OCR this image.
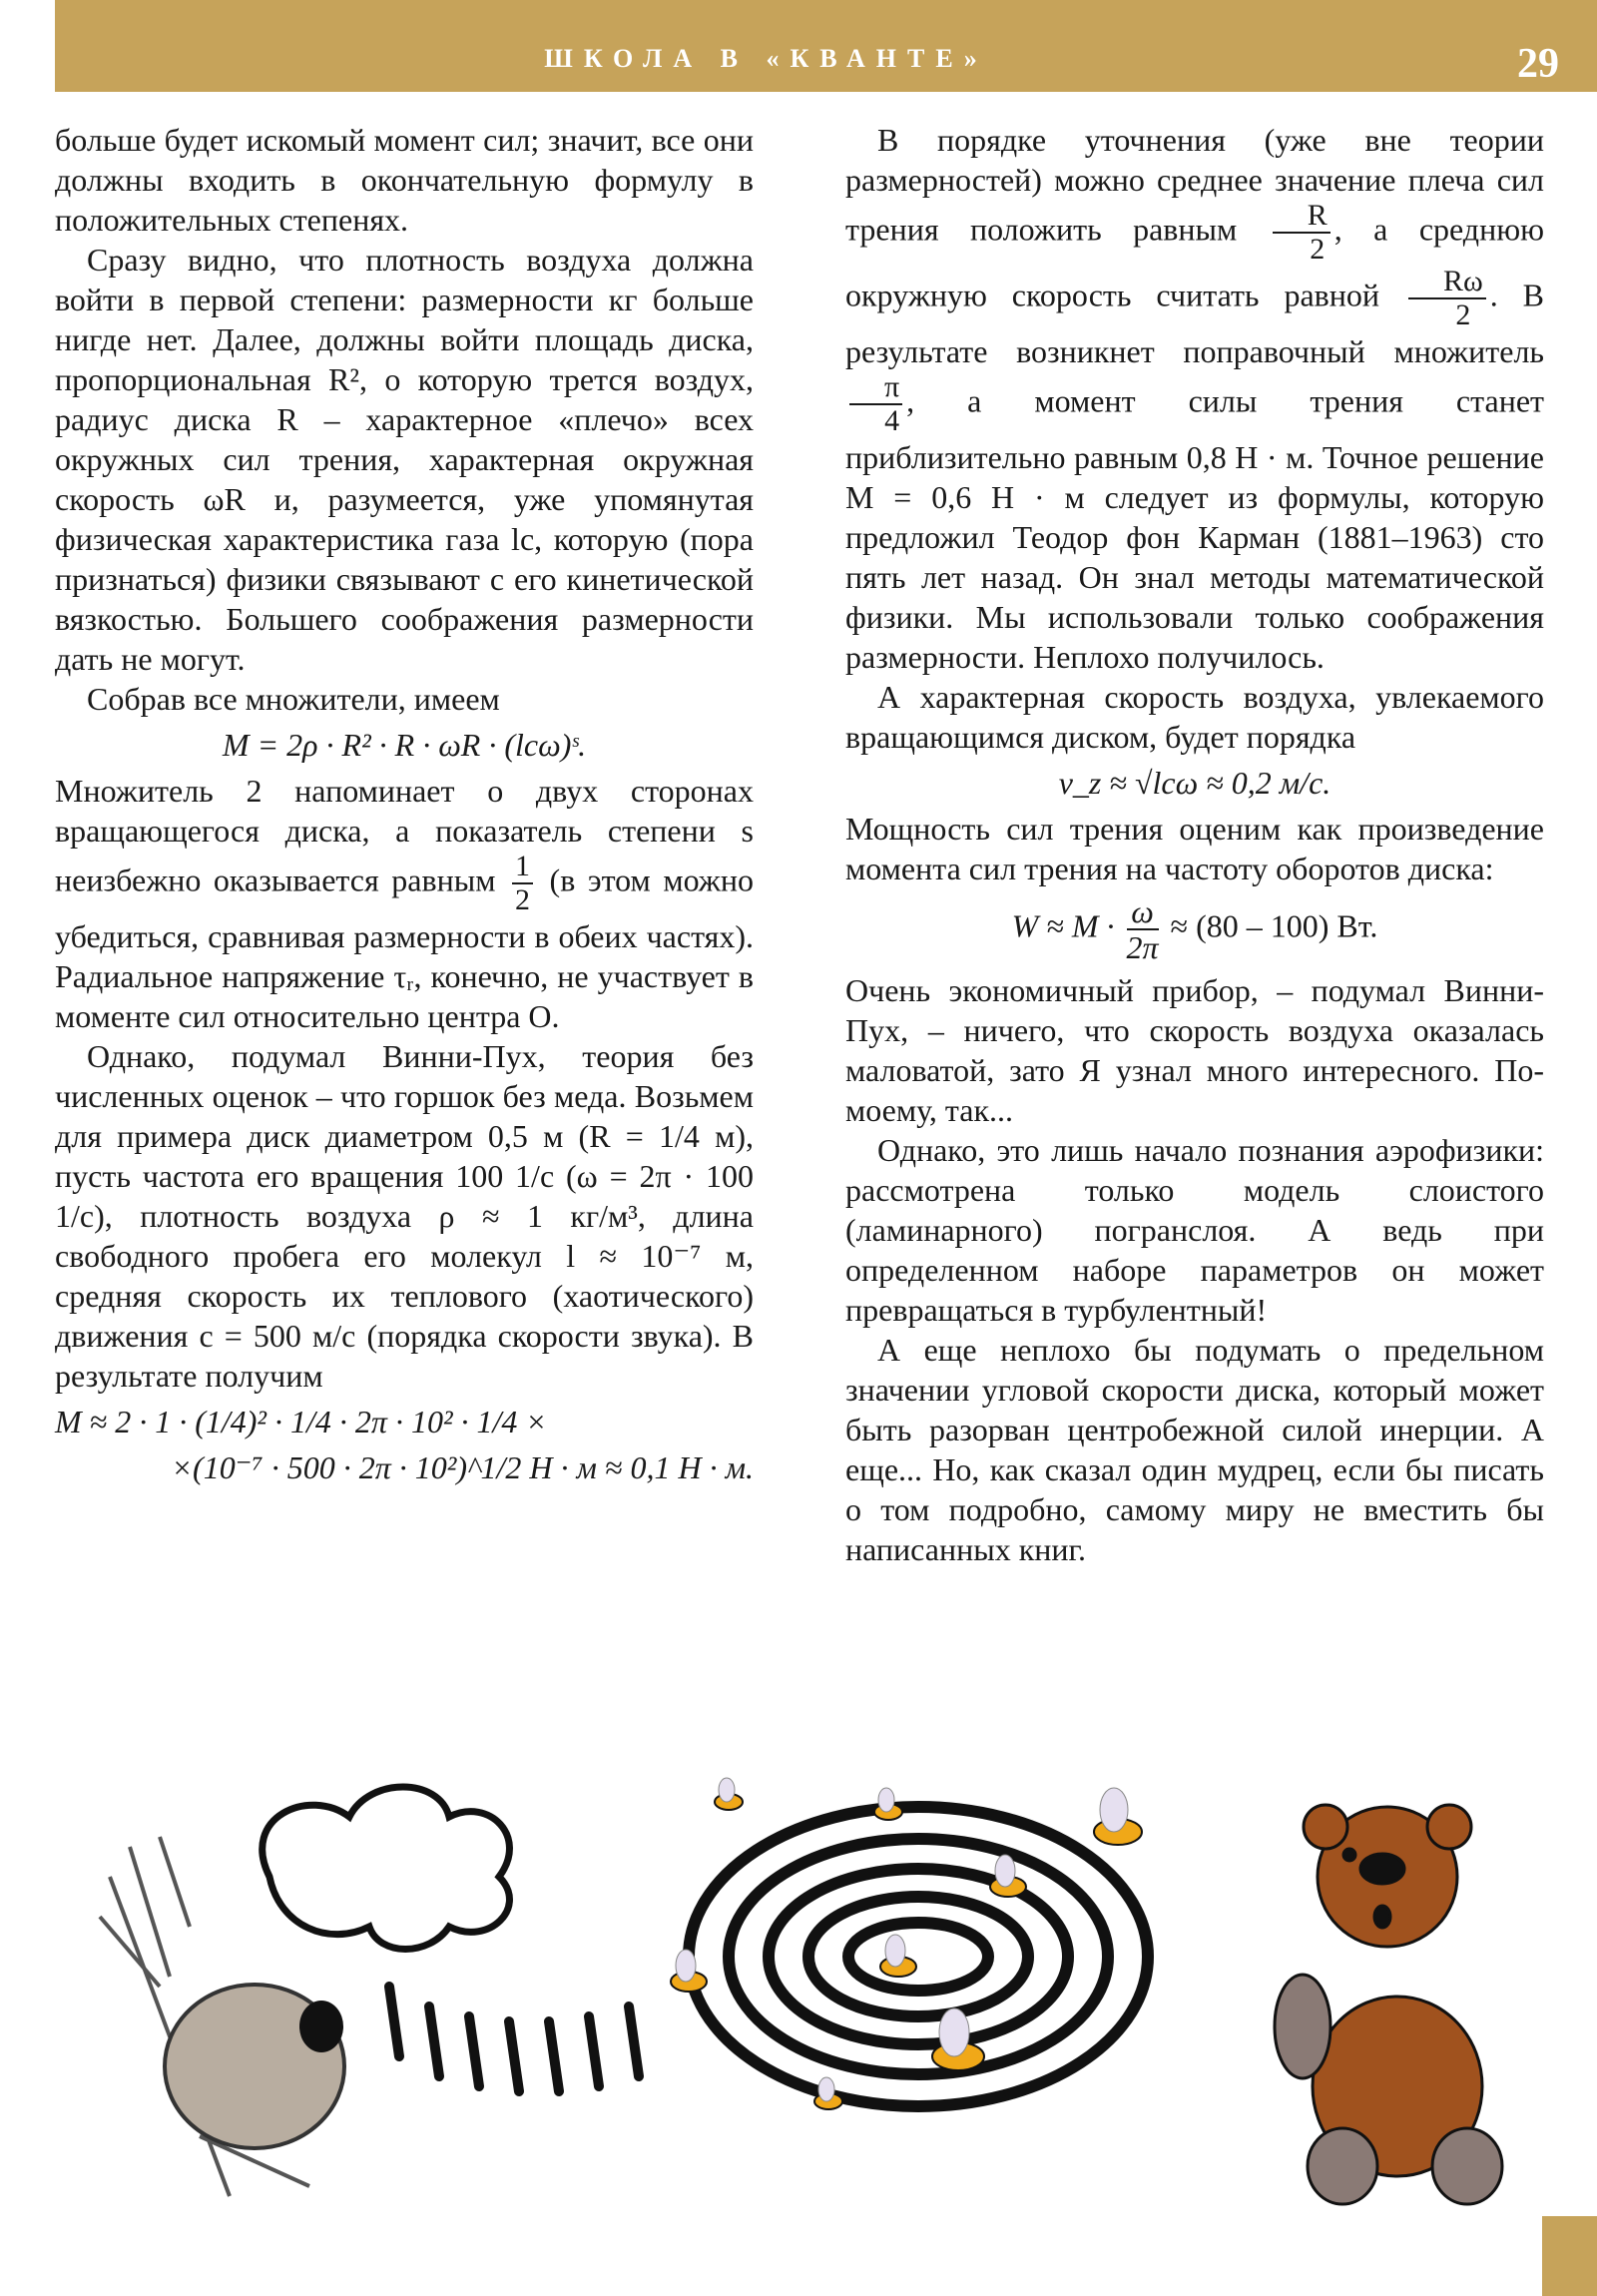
ШКОЛА В «КВАНТЕ»	29

больше будет искомый момент сил; значит, все они должны входить в окончательную формулу в положительных степенях.

Сразу видно, что плотность воздуха должна войти в первой степени: размерности кг больше нигде нет. Далее, должны войти площадь диска, пропорциональная R², о которую трется воздух, радиус диска R – характерное «плечо» всех окружных сил трения, характерная окружная скорость ωR и, разумеется, уже упомянутая физическая характеристика газа lc, которую (пора признаться) физики связывают с его кинетической вязкостью. Большего соображения размерности дать не могут.

Собрав все множители, имеем

M = 2ρ · R² · R · ωR · (lcω)ˢ.

Множитель 2 напоминает о двух сторонах вращающегося диска, а показатель степени s неизбежно оказывается равным $\frac{1}{2} (в$ этом можно убедиться, сравнивая размерности в обеих частях). Радиальное напряжение τᵣ, конечно, не участвует в моменте сил относительно центра O.

Однако, подумал Винни-Пух, теория без численных оценок – что горшок без меда. Возьмем для примера диск диаметром 0,5 м (R = 1/4 м), пусть частота его вращения 100 1/c (ω = 2π · 100 1/c), плотность воздуха ρ ≈ 1 кг/м³, длина свободного пробега его молекул l ≈ 10⁻⁷ м, средняя скорость их теплового (хаотического) движения c = 500 м/с (порядка скорости звука). В результате получим

M ≈ 2 · 1 · (1/4)² · 1/4 · 2π · 10² · 1/4 ×
×(10⁻⁷ · 500 · 2π · 10²)^1/2 Н · м ≈ 0,1 Н · м.

В порядке уточнения (уже вне теории размерностей) можно среднее значение плеча сил трения положить равным $\frac{R}{2}$ , а среднюю окружную скорость считать равной $\frac{R\omega}{2}$ . В результате возникнет поправочный множитель
$\frac{\pi}{4}$ , а момент силы трения станет приблизительно равным 0,8 Н · м. Точное решение M = 0,6 Н · м следует из формулы, которую предложил Теодор фон Карман (1881–1963) сто пять лет назад. Он знал методы математической физики. Мы использовали только соображения размерности. Неплохо получилось.

А характерная скорость воздуха, увлекаемого вращающимся диском, будет порядка

v_z ≈ √lcω ≈ 0,2 м/с.

Мощность сил трения оценим как произведение момента сил трения на частоту оборотов диска:

$W \approx M \cdot \frac{\omega}{2\pi} \approx (80 - 100)$ Вт.

Очень экономичный прибор, – подумал Винни-Пух, – ничего, что скорость воздуха оказалась маловатой, зато Я узнал много интересного. По-моему, так...

Однако, это лишь начало познания аэрофизики: рассмотрена только модель слоистого (ламинарного) погранслоя. А ведь при определенном наборе параметров он может превращаться в турбулентный!

А еще неплохо бы подумать о предельном значении угловой скорости диска, который может быть разорван центробежной силой инерции. А еще... Но, как сказал один мудрец, если бы писать о том подробно, самому миру не вместить бы написанных книг.
